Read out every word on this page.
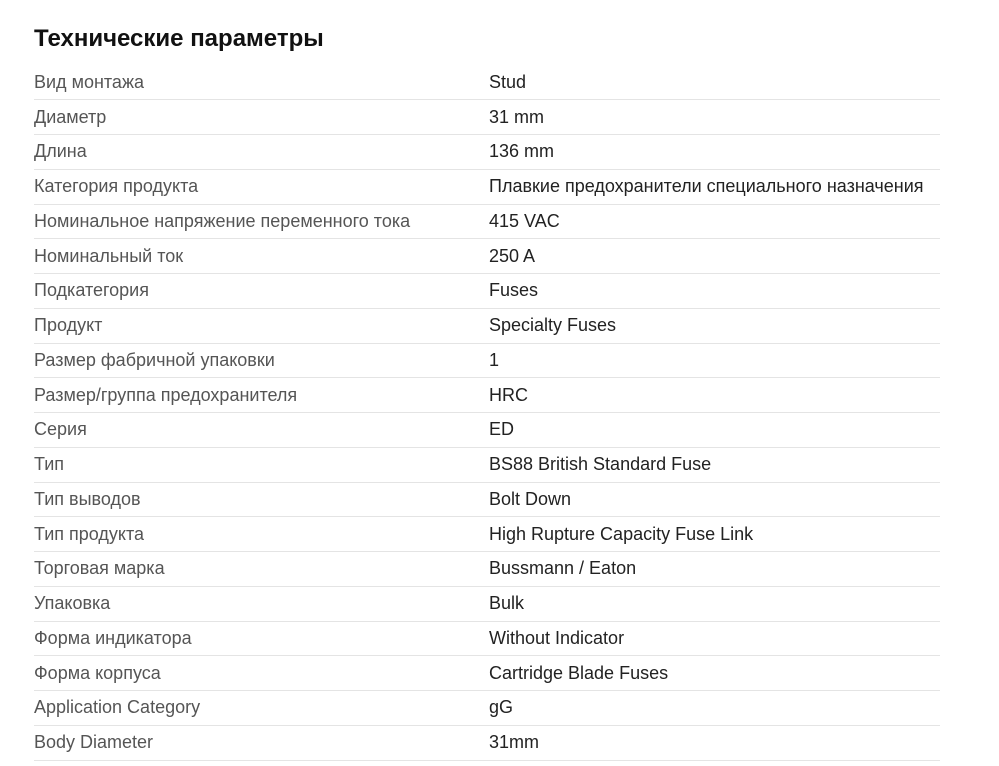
Технические параметры
Вид монтажа	Stud
Диаметр	31 mm
Длина	136 mm
Категория продукта	Плавкие предохранители специального назначения
Номинальное напряжение переменного тока	415 VAC
Номинальный ток	250 A
Подкатегория	Fuses
Продукт	Specialty Fuses
Размер фабричной упаковки	1
Размер/группа предохранителя	HRC
Серия	ED
Тип	BS88 British Standard Fuse
Тип выводов	Bolt Down
Тип продукта	High Rupture Capacity Fuse Link
Торговая марка	Bussmann / Eaton
Упаковка	Bulk
Форма индикатора	Without Indicator
Форма корпуса	Cartridge Blade Fuses
Application Category	gG
Body Diameter	31mm
